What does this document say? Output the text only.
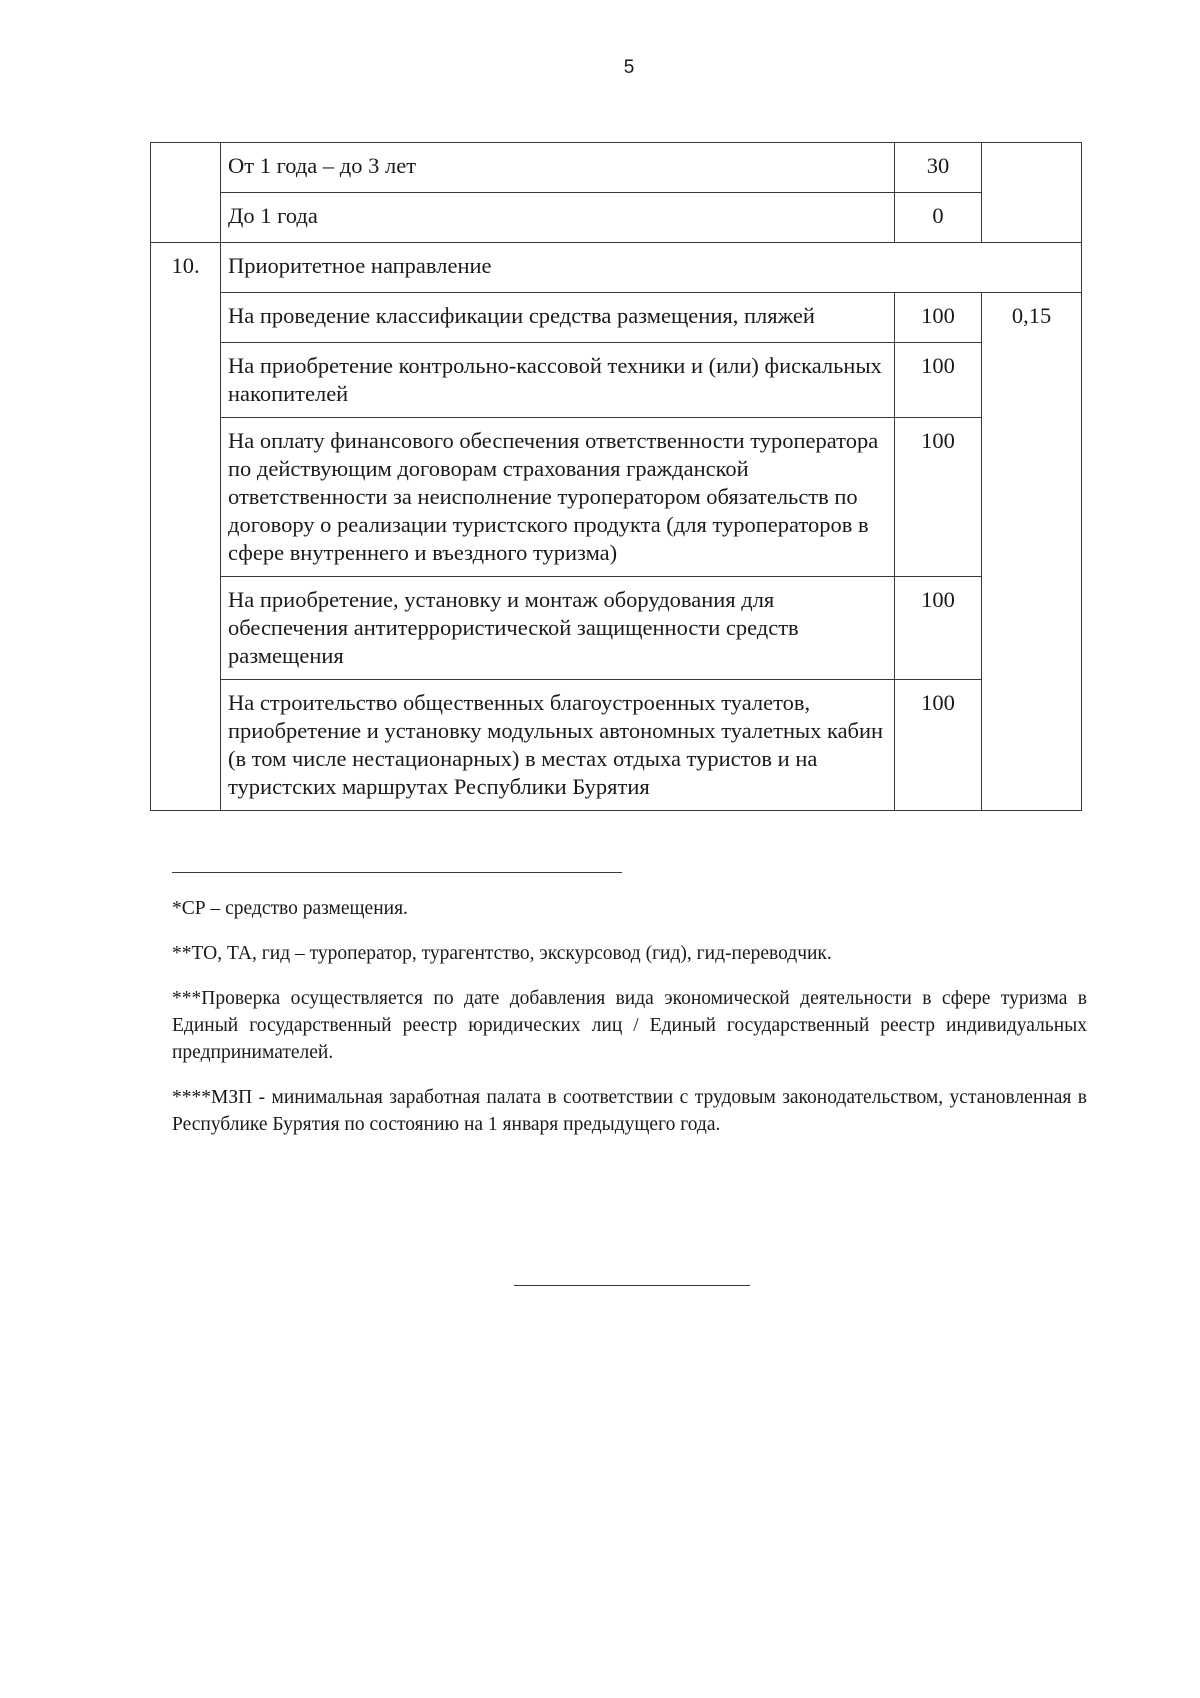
5
	От 1 года – до 3 лет	30	
	До 1 года	0	
10.	Приоритетное направление		
	На проведение классификации средства размещения, пляжей	100	0,15
	На приобретение контрольно-кассовой техники и (или) фискальных накопителей	100	
	На оплату финансового обеспечения ответственности туроператора по действующим договорам страхования гражданской ответственности за неисполнение туроператором обязательств по договору о реализации туристского продукта (для туроператоров в сфере внутреннего и въездного туризма)	100	
	На приобретение, установку и монтаж оборудования для обеспечения антитеррористической защищенности средств размещения	100	
	На строительство общественных благоустроенных туалетов, приобретение и установку модульных автономных туалетных кабин (в том числе нестационарных) в местах отдыха туристов и на туристских маршрутах Республики Бурятия	100	

*СР – средство размещения.

**ТО, ТА, гид – туроператор, турагентство, экскурсовод (гид), гид-переводчик.

***Проверка осуществляется по дате добавления вида экономической деятельности в сфере туризма в Единый государственный реестр юридических лиц / Единый государственный реестр индивидуальных предпринимателей.

****МЗП - минимальная заработная палата в соответствии с трудовым законодательством, установленная в Республике Бурятия по состоянию на 1 января предыдущего года.
